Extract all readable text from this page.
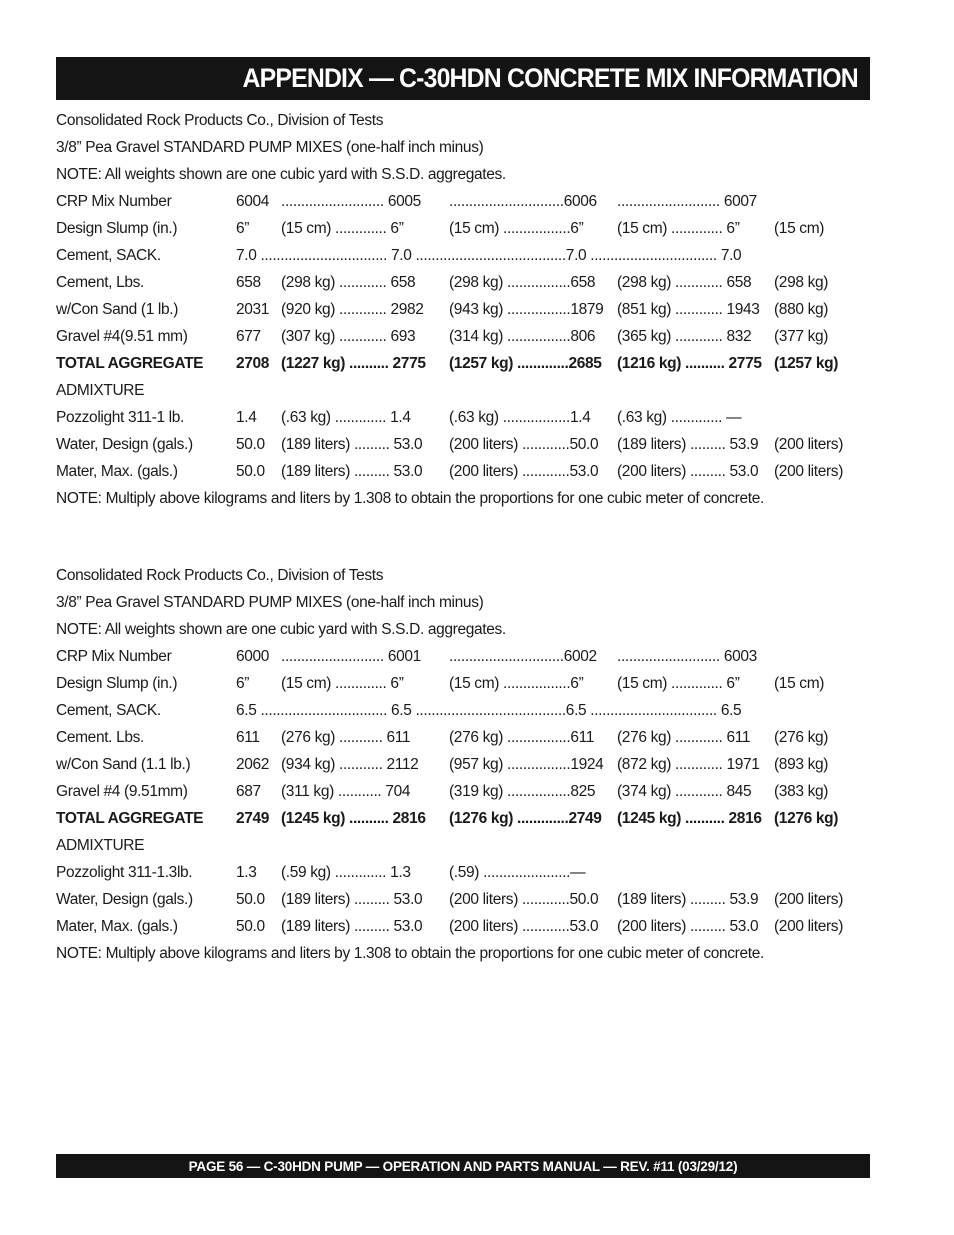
APPENDIX — C-30HDN CONCRETE MIX INFORMATION
Consolidated Rock Products Co., Division of Tests
3/8” Pea Gravel STANDARD PUMP MIXES (one-half inch minus)
NOTE: All weights shown are one cubic yard with S.S.D. aggregates.
CRP Mix Number	6004 .......................... 6005 .............................6006 .......................... 6007
Design Slump (in.)	6” (15 cm) ............. 6”	(15 cm) .................6” (15 cm) ............. 6” (15 cm)
Cement, SACK.	7.0 ................................ 7.0 ......................................7.0 ................................ 7.0
Cement, Lbs.	658 (298 kg) ............ 658 (298 kg) ................658 (298 kg) ............ 658 (298 kg)
w/Con Sand (1 lb.)	2031 (920 kg) ............ 2982 (943 kg) ................1879 (851 kg) ............ 1943 (880 kg)
Gravel #4(9.51 mm)	677 (307 kg) ............ 693 (314 kg) ................806 (365 kg) ............ 832 (377 kg)
TOTAL AGGREGATE 2708 (1227 kg) .......... 2775 (1257 kg) .............2685 (1216 kg) .......... 2775 (1257 kg)
ADMIXTURE
Pozzolight 311-1 lb.	1.4 (.63 kg) ............. 1.4 (.63 kg) .................1.4 (.63 kg) ............. —
Water, Design (gals.)	50.0 (189 liters) ......... 53.0 (200 liters) ............50.0 (189 liters) ......... 53.9 (200 liters)
Mater, Max. (gals.)	50.0 (189 liters) ......... 53.0 (200 liters) ............53.0 (200 liters) ......... 53.0 (200 liters)
NOTE: Multiply above kilograms and liters by 1.308 to obtain the proportions for one cubic meter of concrete.
Consolidated Rock Products Co., Division of Tests
3/8” Pea Gravel STANDARD PUMP MIXES (one-half inch minus)
NOTE: All weights shown are one cubic yard with S.S.D. aggregates.
CRP Mix Number	6000 .......................... 6001 .............................6002 .......................... 6003
Design Slump (in.)	6” (15 cm) ............. 6”	(15 cm) .................6” (15 cm) ............. 6” (15 cm)
Cement, SACK.	6.5 ................................ 6.5 ......................................6.5 ................................ 6.5
Cement. Lbs.	611 (276 kg) ........... 611	(276 kg) ................611 (276 kg) ............ 611 (276 kg)
w/Con Sand (1.1 lb.)	2062 (934 kg) ........... 2112 (957 kg) ................1924 (872 kg) ............ 1971 (893 kg)
Gravel #4 (9.51mm)	687 (311 kg) ........... 704	(319 kg) ................825 (374 kg) ............ 845 (383 kg)
TOTAL AGGREGATE 2749 (1245 kg) .......... 2816 (1276 kg) .............2749 (1245 kg) .......... 2816 (1276 kg)
ADMIXTURE
Pozzolight 311-1.3lb.	1.3 (.59 kg) ............. 1.3 (.59) ......................—
Water, Design (gals.)	50.0 (189 liters) ......... 53.0 (200 liters) ............50.0 (189 liters) ......... 53.9 (200 liters)
Mater, Max. (gals.)	50.0 (189 liters) ......... 53.0 (200 liters) ............53.0 (200 liters) ......... 53.0 (200 liters)
NOTE: Multiply above kilograms and liters by 1.308 to obtain the proportions for one cubic meter of concrete.
PAGE 56 — C-30HDN PUMP — OPERATION AND PARTS MANUAL — REV. #11 (03/29/12)
